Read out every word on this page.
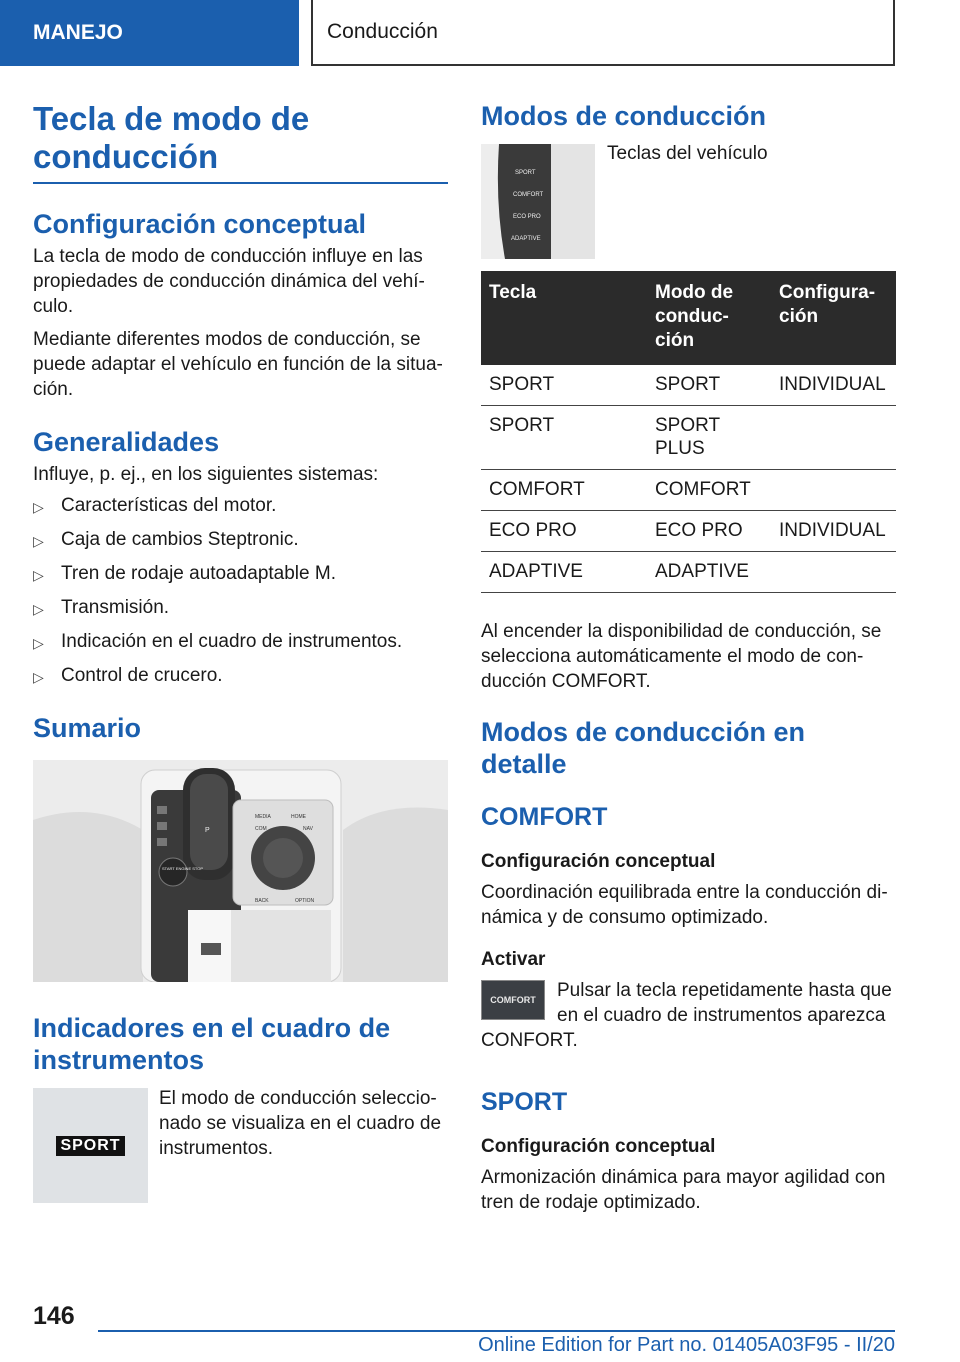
MANEJO	Conducción
Tecla de modo de conducción
Configuración conceptual

La tecla de modo de conducción influye en las propiedades de conducción dinámica del vehí-culo.

Mediante diferentes modos de conducción, se puede adaptar el vehículo en función de la situa-ción.

Generalidades

Influye, p. ej., en los siguientes sistemas:

▷ Características del motor.
▷ Caja de cambios Steptronic.
▷ Tren de rodaje autoadaptable M.
▷ Transmisión.
▷ Indicación en el cuadro de instrumentos.
▷ Control de crucero.
Sumario
P
START ENGINE STOP
MEDIA	HOME
COM	NAV
BACK	OPTION
Indicadores en el cuadro de instrumentos
SPORT

El modo de conducción seleccio-nado se visualiza en el cuadro de instrumentos.

Modos de conducción
SPORT
COMFORT
ECO PRO
ADAPTIVE

Teclas del vehículo

Tecla	Modo de conduc-ción	Configura-ción
SPORT	SPORT	INDIVIDUAL
SPORT	SPORT PLUS	
COMFORT	COMFORT	
ECO PRO	ECO PRO	INDIVIDUAL
ADAPTIVE	ADAPTIVE	

Al encender la disponibilidad de conducción, se selecciona automáticamente el modo de con-ducción COMFORT.

Modos de conducción en detalle
COMFORT
Configuración conceptual

Coordinación equilibrada entre la conducción di-námica y de consumo optimizado.

Activar
COMFORT	Pulsar la tecla repetidamente hasta que en el cuadro de instrumentos aparezca CONFORT.

SPORT
Configuración conceptual

Armonización dinámica para mayor agilidad con tren de rodaje optimizado.

146
Online Edition for Part no. 01405A03F95 - II/20
